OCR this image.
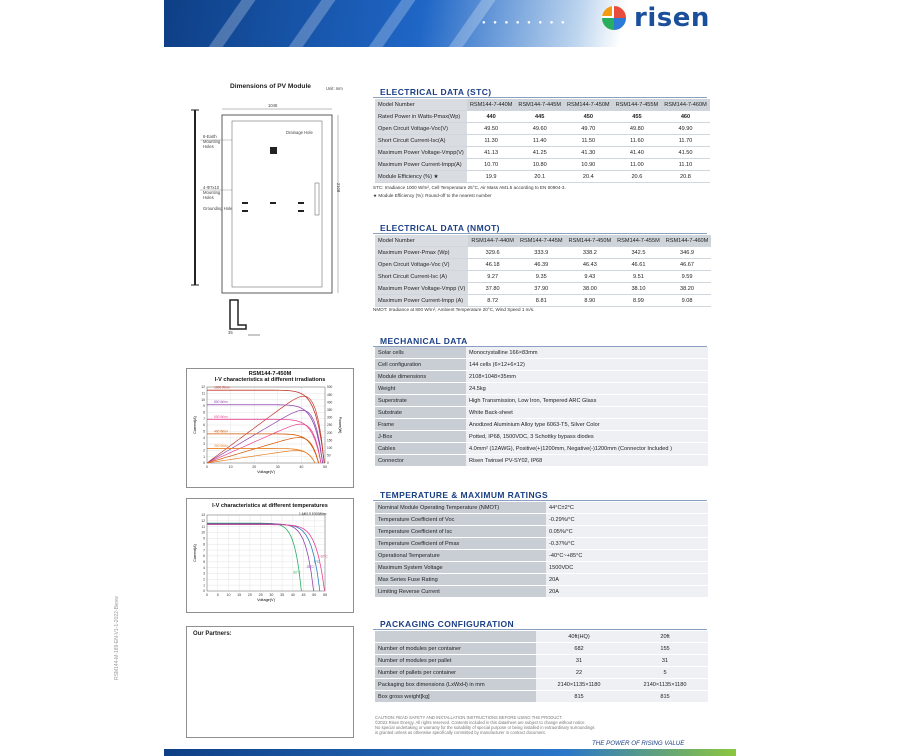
● ● ● ● ● ● ● ●	risen
Dimensions of PV Module	Unit: mm
8-Earth Mounting Holes
4-Φ7x10 Mounting Holes
Drainage Hole
Grounding Hole
1048
2108
35
ELECTRICAL DATA (STC)
Model Number	RSM144-7-440M	RSM144-7-445M	RSM144-7-450M	RSM144-7-455M	RSM144-7-460M
Rated Power in Watts-Pmax(Wp)	440	445	450	455	460
Open Circuit Voltage-Voc(V)	49.50	49.60	49.70	49.80	49.90
Short Circuit Current-Isc(A)	11.30	11.40	11.50	11.60	11.70
Maximum Power Voltage-Vmpp(V)	41.13	41.25	41.30	41.40	41.50
Maximum Power Current-Impp(A)	10.70	10.80	10.90	11.00	11.10
Module Efficiency (%) ★	19.9	20.1	20.4	20.6	20.8
STC: Irradiance 1000 W/m², Cell Temperature 25°C, Air Mass AM1.5 according to EN 60904-3.
★ Module Efficiency (%): Round-off to the nearest number
ELECTRICAL DATA (NMOT)
Model Number	RSM144-7-440M	RSM144-7-445M	RSM144-7-450M	RSM144-7-455M	RSM144-7-460M
Maximum Power-Pmax (Wp)	329.6	333.9	338.2	342.5	346.9
Open Circuit Voltage-Voc (V)	46.18	46.39	46.43	46.61	46.67
Short Circuit Current-Isc (A)	9.27	9.35	9.43	9.51	9.59
Maximum Power Voltage-Vmpp (V)	37.80	37.90	38.00	38.10	38.20
Maximum Power Current-Impp (A)	8.72	8.81	8.90	8.99	9.08
NMOT: Irradiance at 800 W/m², Ambient Temperature 20°C, Wind Speed 1 m/s.
MECHANICAL DATA
Solar cells	Monocrystalline 166×83mm
Cell configuration	144 cells (6×12+6×12)
Module dimensions	2108×1048×35mm
Weight	24.5kg
Superstrate	High Transmission, Low Iron, Tempered ARC Glass
Substrate	White Back-sheet
Frame	Anodized Aluminium Alloy type 6063-T5, Silver Color
J-Box	Potted, IP68, 1500VDC, 3 Schottky bypass diodes
Cables	4.0mm² (12AWG), Positive(+)1200mm, Negative(-)1200mm (Connector Included )
Connector	Risen Twinsel PV-SY02, IP68
TEMPERATURE & MAXIMUM RATINGS
Nominal Module Operating Temperature (NMOT)	44°C±2°C
Temperature Coefficient of Voc	-0.29%/°C
Temperature Coefficient of Isc	0.05%/°C
Temperature Coefficient of Pmax	-0.37%/°C
Operational Temperature	-40°C~+85°C
Maximum System Voltage	1500VDC
Max Series Fuse Rating	20A
Limiting Reverse Current	20A
PACKAGING CONFIGURATION
	40ft(HQ)	20ft
Number of modules per container	682	155
Number of modules per pallet	31	31
Number of pallets per container	22	5
Packaging box dimensions (LxWxH) in mm	2140×1135×1180	2140×1135×1180
Box gross weight[kg]	815	815
CAUTION: READ SAFETY AND INSTALLATION INSTRUCTIONS BEFORE USING THE PRODUCT.
©2022 Risen Energy. All rights reserved. Contents included in this datasheet are subject to change without notice.
No special undertaking or warranty for the suitability of special purpose or being installed in extraordinary surroundings
is granted unless as otherwise specifically committed by manufacturer in contract document.
THE POWER OF RISING VALUE
RSM144-M-189-EN-V1-1-2022-Bievw
RSM144-7-450M
I-V characteristics at different irradiations
0	10	20	30	40	50
0
1
2
3
4
5
6
7
8
9
10
11
12
Voltage(V)
Current(A)
0
50
100
150
200
250
300
350
400
450
500
Power(W)
1000 W/m²
800 W/m²
600 W/m²
400 W/m²
200 W/m²
I-V characteristics at different temperatures
1.AM1.5 1000W/m²
0 5 10 15 20 25 30 35 40 45 50 55
0
1
2
3
4
5
6
7
8
9
10
11
12
13
Voltage(V)
Current(A)
60°C
25°C
5°C
-10°C
Our Partners:
